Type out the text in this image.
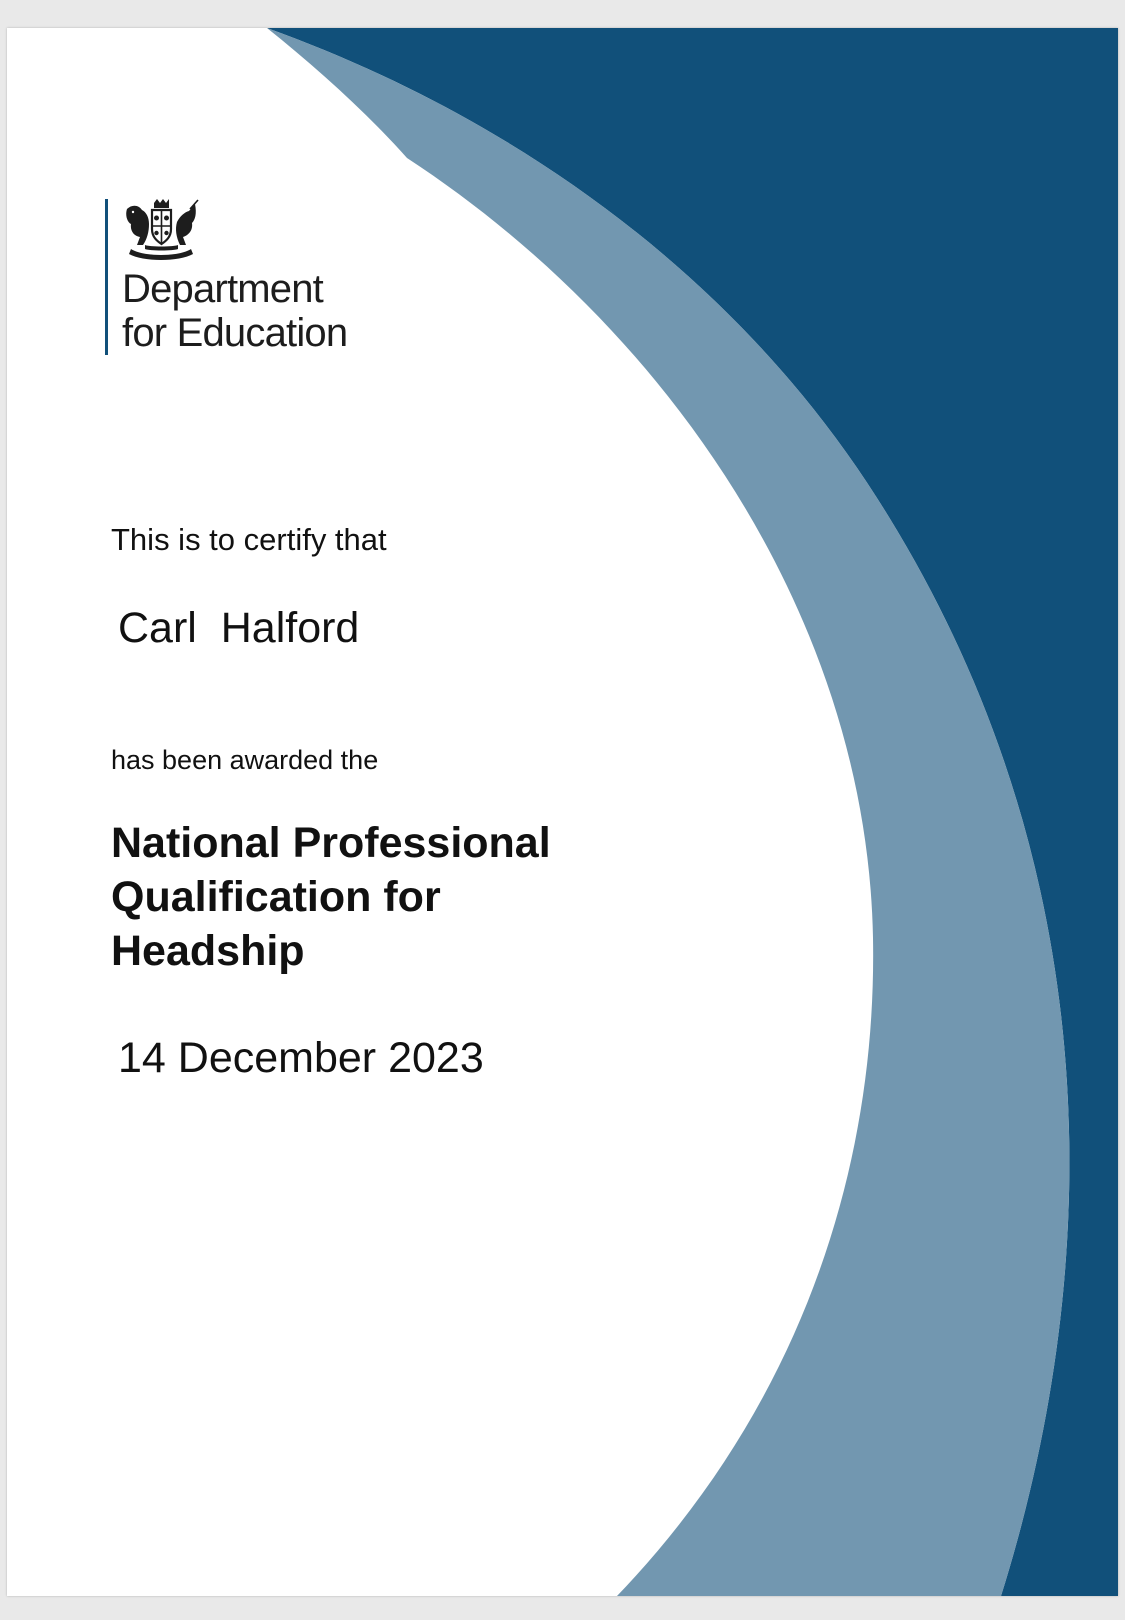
Department
for Education
This is to certify that
Carl  Halford
has been awarded the
National Professional
Qualification for
Headship
14 December 2023
